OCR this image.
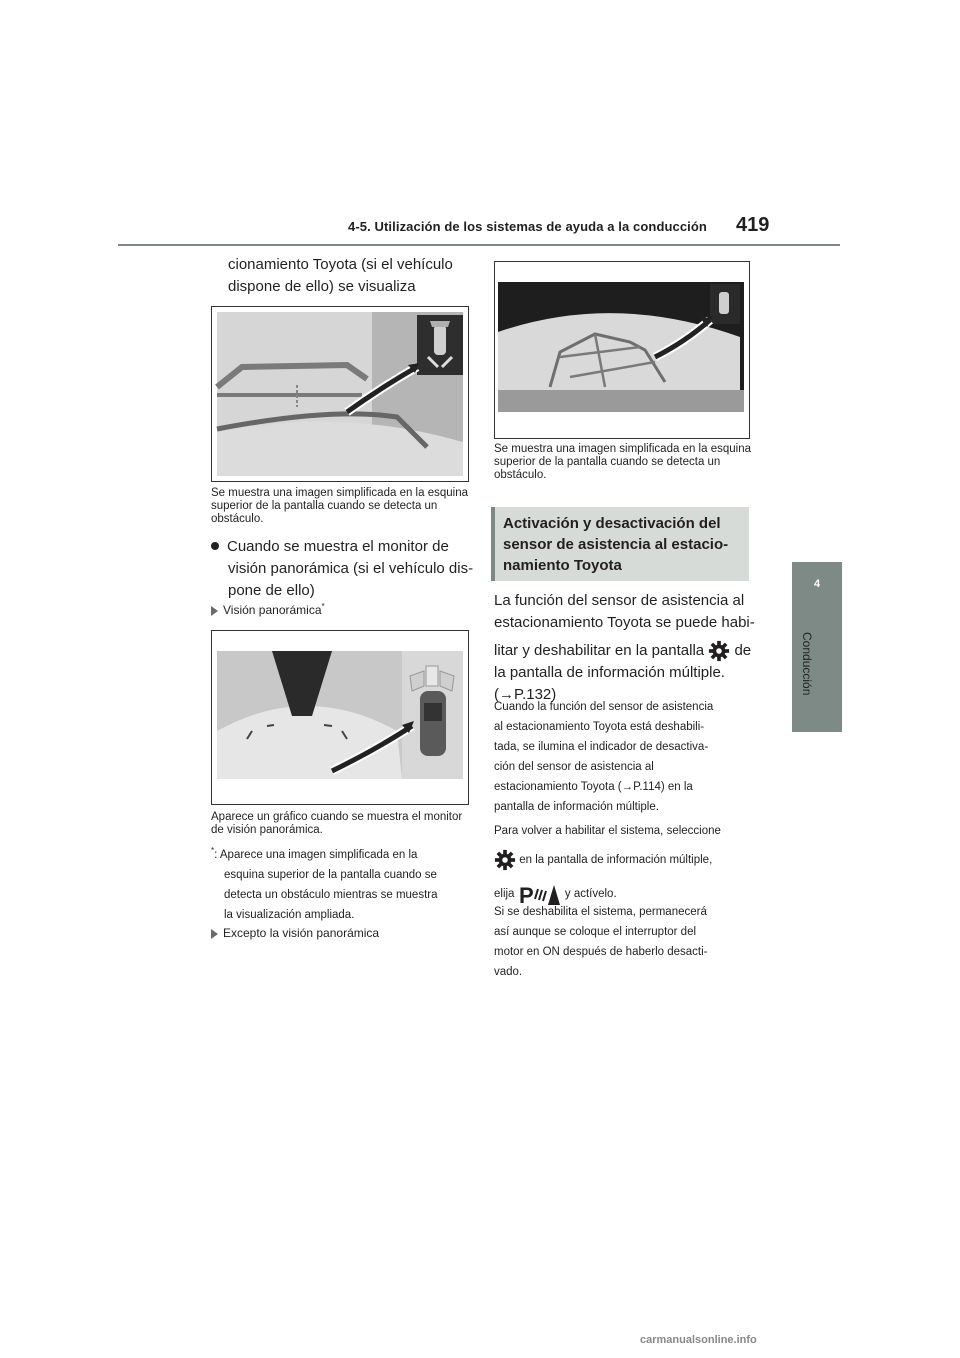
4-5. Utilización de los sistemas de ayuda a la conducción 419
4
Conducción
cionamiento Toyota (si el vehículo
dispone de ello) se visualiza
Se muestra una imagen simplificada en la esquina superior de la pantalla cuando se detecta un obstáculo.
Cuando se muestra el monitor de
visión panorámica (si el vehículo dis-
pone de ello)
Visión panorámica*
Aparece un gráfico cuando se muestra el monitor de visión panorámica.
*: Aparece una imagen simplificada en la
esquina superior de la pantalla cuando se
detecta un obstáculo mientras se muestra
la visualización ampliada.
Excepto la visión panorámica
Se muestra una imagen simplificada en la esquina superior de la pantalla cuando se detecta un obstáculo.
Activación y desactivación del
sensor de asistencia al estacio-
namiento Toyota
La función del sensor de asistencia al
estacionamiento Toyota se puede habi-
litar y deshabilitar en la pantalla de
la pantalla de información múltiple.
(→P.132)
Cuando la función del sensor de asistencia
al estacionamiento Toyota está deshabili-
tada, se ilumina el indicador de desactiva-
ción del sensor de asistencia al
estacionamiento Toyota (→P.114) en la
pantalla de información múltiple.
Para volver a habilitar el sistema, seleccione
en la pantalla de información múltiple,
elija P	y actívelo.
Si se deshabilita el sistema, permanecerá
así aunque se coloque el interruptor del
motor en ON después de haberlo desacti-
vado.
carmanualsonline.info
